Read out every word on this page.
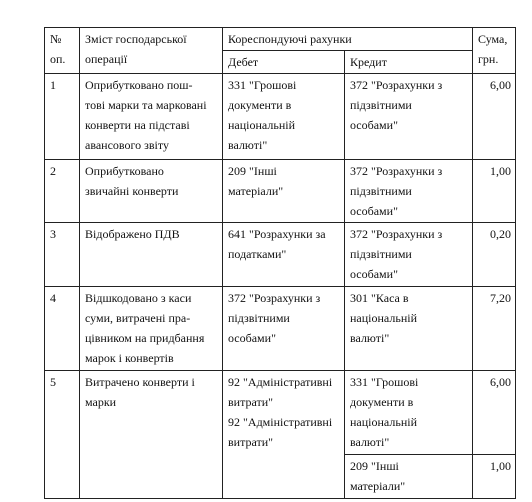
№
оп.	Зміст господарської
операції	Кореспондуючі рахунки		Сума,
грн.

		Дебет	Кредит	
1	Оприбутковано пош-
тові марки та марковані
конверти на підставі
авансового звіту	331 "Грошові
документи в
національній
валюті"	372 "Розрахунки з
підзвітними
особами"	6,00
2	Оприбутковано
звичайні конверти	209 "Інші
матеріали"	372 "Розрахунки з
підзвітними
особами"	1,00
3	Відображено ПДВ	641 "Розрахунки за
податками"	372 "Розрахунки з
підзвітними
особами"	0,20
4	Відшкодовано з каси
суми, витрачені пра-
цівником на придбання
марок і конвертів	372 "Розрахунки з
підзвітними
особами"	301 "Каса в
національній
валюті"	7,20
5	Витрачено конверти і
марки	92 "Адміністративні
витрати"
92 "Адміністративні
витрати"	331 "Грошові
документи в
національній
валюті"	6,00

			209 "Інші
матеріали"	1,00
